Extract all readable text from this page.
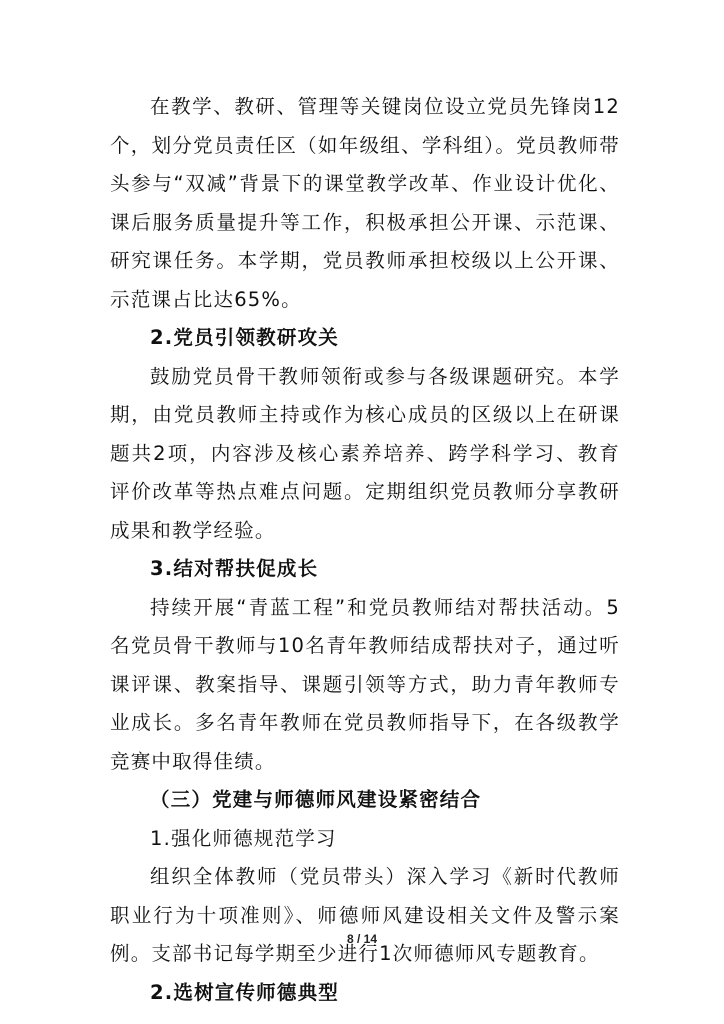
在教学、教研、管理等关键岗位设立党员先锋岗12个，划分党员责任区（如年级组、学科组）。党员教师带头参与“双减”背景下的课堂教学改革、作业设计优化、课后服务质量提升等工作，积极承担公开课、示范课、研究课任务。本学期，党员教师承担校级以上公开课、示范课占比达65%。

2.党员引领教研攻关

鼓励党员骨干教师领衔或参与各级课题研究。本学期，由党员教师主持或作为核心成员的区级以上在研课题共2项，内容涉及核心素养培养、跨学科学习、教育评价改革等热点难点问题。定期组织党员教师分享教研成果和教学经验。

3.结对帮扶促成长

持续开展“青蓝工程”和党员教师结对帮扶活动。5名党员骨干教师与10名青年教师结成帮扶对子，通过听课评课、教案指导、课题引领等方式，助力青年教师专业成长。多名青年教师在党员教师指导下，在各级教学竞赛中取得佳绩。

（三）党建与师德师风建设紧密结合

1.强化师德规范学习

组织全体教师（党员带头）深入学习《新时代教师职业行为十项准则》、师德师风建设相关文件及警示案例。支部书记每学期至少进行1次师德师风专题教育。

2.选树宣传师德典型

8 / 14
